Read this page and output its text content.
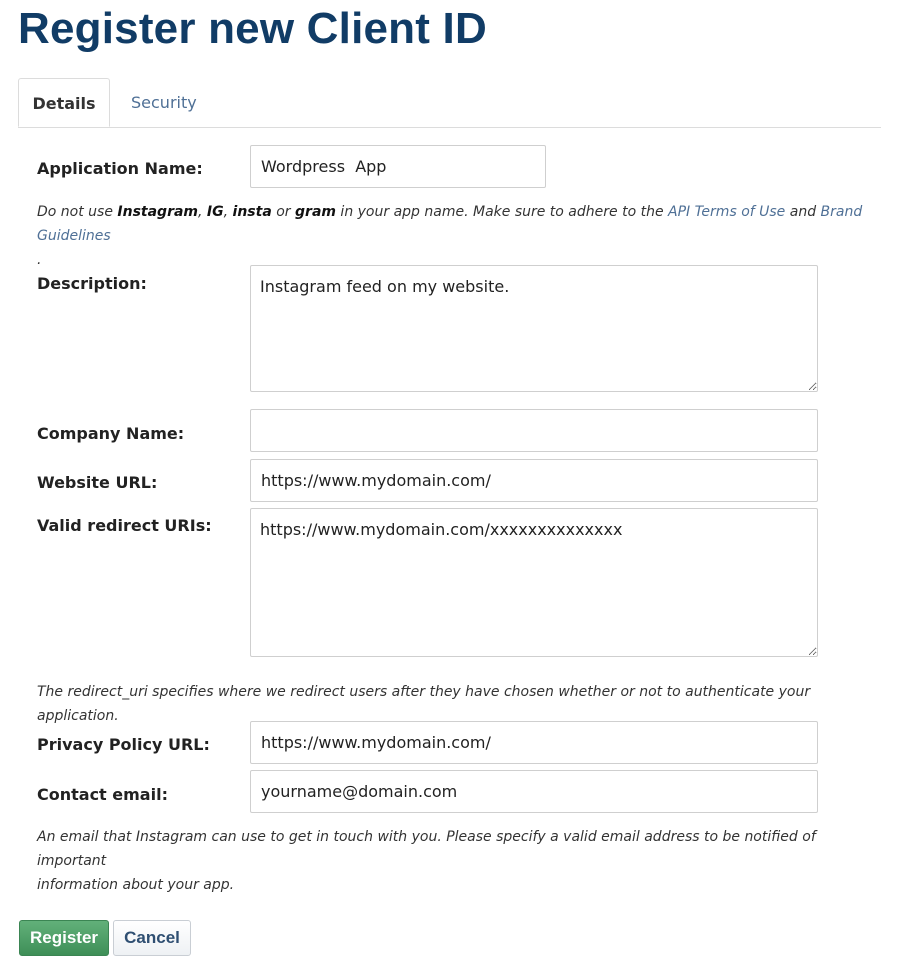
Register new Client ID
Details	Security
Application Name:
Wordpress App
Do not use Instagram, IG, insta or gram in your app name. Make sure to adhere to the API Terms of Use and Brand Guidelines
.
Description:
Instagram feed on my website.
Company Name:
Website URL:
https://www.mydomain.com/
Valid redirect URIs:
https://www.mydomain.com/xxxxxxxxxxxxxx
The redirect_uri specifies where we redirect users after they have chosen whether or not to authenticate your application.
Privacy Policy URL:
https://www.mydomain.com/
Contact email:
yourname@domain.com
An email that Instagram can use to get in touch with you. Please specify a valid email address to be notified of important
information about your app.
Register	Cancel
